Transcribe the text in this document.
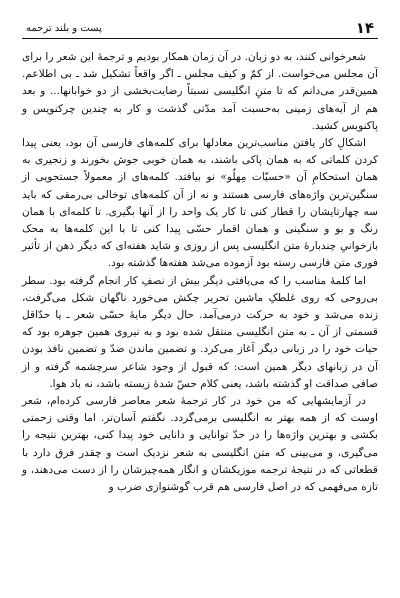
۱۴
پست و بلند ترجمه

شعرخوانی کنند، به دو زبان. در آن زمان همکار بودیم و ترجمهٔ این شعر را برای آن مجلس می‌خواست. از کمّ و کیف مجلس ـ اگر واقعاً تشکیل شد ـ بی اطلاعم. همین‌قدر می‌دانم که تا متنِ انگلیسی نسبتاً رضایت‌بخشی از دو خوابانها... و بعد هم از آیه‌های زمینی‌ به‌حسبت آمد مدّتی گذشت و کار به چندین چرکنویس و پاکنویس کشید.

اشکالِ کار یافتن مناسب‌ترین معادلها برای کلمه‌های فارسی آن بود، یعنی پیدا کردن کلماتی که به همان پاکی باشند، به همان خوبی جوش بخورند و زنجیری به همان استحکامِ آن «حسیّات مِهلُو» نو بیافتد. کلمه‌های از معمولاً جستجویی از سنگین‌ترین واژه‌های فارسی هستند و نه از آن کلمه‌های توخالی بی‌رمقی که باید سه چهارتایشان را قطار کنی تا کار یک واحد را از آنها بگیری. تا کلمه‌ای با همان رنگ و بو و سنگینی و همان اقمار حسّی پیدا کنی تا با این کلمه‌ها به محک بازخوانی‌ِ چندبارهٔ متن انگلیسی پس از روزی و شاید هفته‌ای که دیگر ذهن از تأثیر فوری متن فارسی رسته بود آزموده می‌شد هفته‌ها گذشته بود.

اما کلمهٔ مناسب را که می‌یافتی دیگر بیش از نصفِ کار انجام گرفته بود. سطر بی‌روحی که روی غلطکِ ماشین تحریر چکش می‌خورد ناگهان شکل می‌گرفت، زنده می‌شد و خود به حرکت درمی‌آمد. حال دیگر مایهٔ حسّی شعر ـ یا حدّاقل قسمتی از آن ـ به متن انگلیسی منتقل شده بود و به نیروی همین جوهره بود که حیات خود را در زبانی دیگر آغاز می‌کرد. و تضمین ماندن ضدّ و تضمین نافذ بودن آن در زبانهای دیگر همین است: که قبول از وجود شاعر سرچشمه گرفته و از صافی صداقت او گذشته باشد، یعنی کلام حسّ شدهٔ زیسته باشد، نه باد هوا.

در آزمایشهایی که من خود در کار ترجمهٔ شعر معاصر فارسی کرده‌ام، شعر اوست که از همه بهتر به انگلیسی برمی‌گردد. نگفتم آسان‌تر. اما وقتی زحمتی بکشی و بهترین واژه‌ها را در حدّ توانایی و دانایی خود پیدا کنی، بهترین نتیجه را می‌گیری، و می‌بینی که متن انگلیسی به شعر نزدیک است و چقدر فرق دارد با قطعاتی که در نتیجهٔ ترجمه موزیکشان و انگار همه‌چیزشان را از دست می‌دهند، و تازه می‌فهمی که در اصل فارسی هم قرب گوشنوازی ضرب و
